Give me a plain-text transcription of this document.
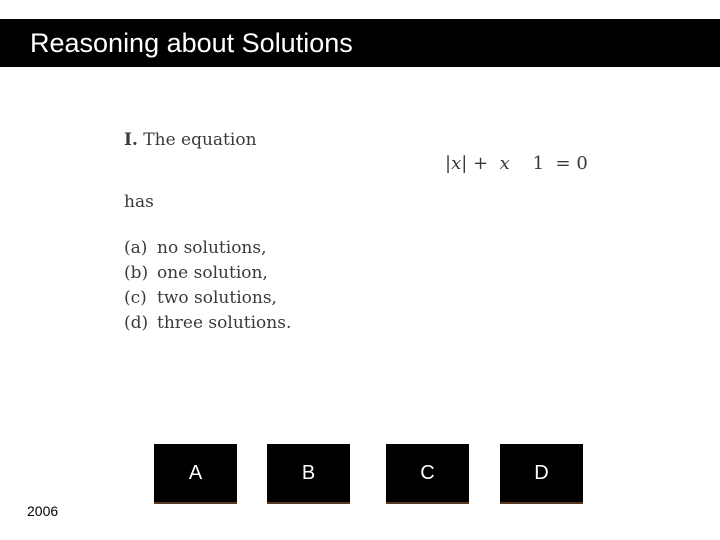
Reasoning about Solutions
I. The equation
has
(a) no solutions,
(b) one solution,
(c) two solutions,
(d) three solutions.
|x| + x 1 = 0
A	B	C	D
2006
